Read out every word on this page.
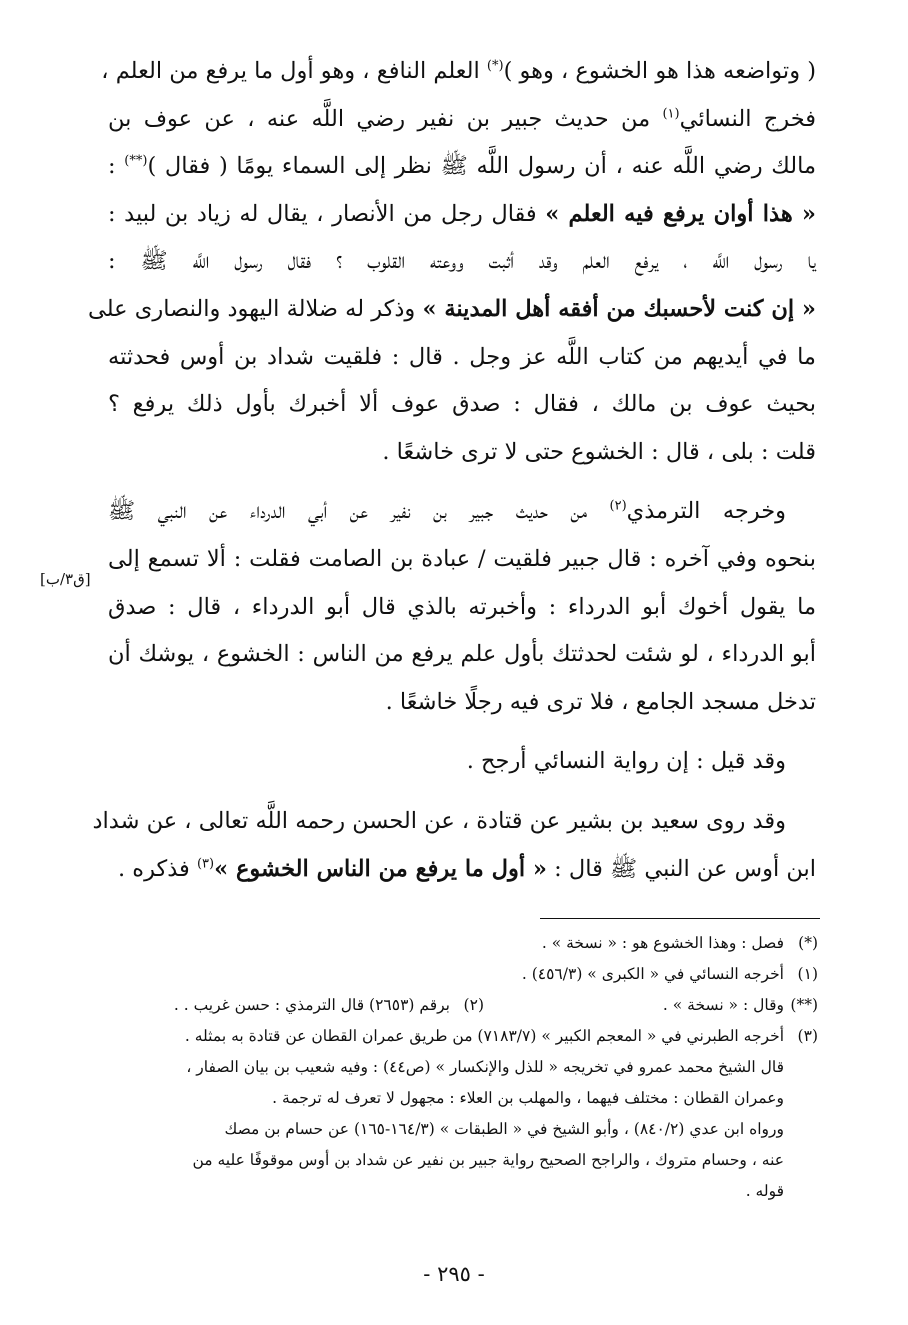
( وتواضعه هذا هو الخشوع ، وهو )(*) العلم النافع ، وهو أول ما يرفع من العلم ،
فخرج النسائي$^{(١)}$ من حديث جبير بن نفير رضي اللَّه عنه ، عن عوف بن
مالك رضي اللَّه عنه ، أن رسول اللَّه ﷺ نظر إلى السماء يومًا ( فقال )(**) :
« هذا أوان يرفع فيه العلم » فقال رجل من الأنصار ، يقال له زياد بن لبيد :
يا رسول اللَّه ، يرفع العلم وقد أثبت ووعته القلوب ؟ فقال رسول اللَّه ﷺ :
« إن كنت لأحسبك من أفقه أهل المدينة » وذكر له ضلالة اليهود والنصارى على
ما في أيديهم من كتاب اللَّه عز وجل . قال : فلقيت شداد بن أوس فحدثته
بحيث عوف بن مالك ، فقال : صدق عوف ألا أخبرك بأول ذلك يرفع ؟
قلت : بلى ، قال : الخشوع حتى لا ترى خاشعًا .

وخرجه الترمذي$^{(٢)}$ من حديث جبير بن نفير عن أبي الدرداء عن النبي ﷺ
بنحوه وفي آخره : قال جبير فلقيت / عبادة بن الصامت فقلت : ألا تسمع إلى
ما يقول أخوك أبو الدرداء : وأخبرته بالذي قال أبو الدرداء ، قال : صدق
أبو الدرداء ، لو شئت لحدثتك بأول علم يرفع من الناس : الخشوع ، يوشك أن
تدخل مسجد الجامع ، فلا ترى فيه رجلًا خاشعًا .

وقد قيل : إن رواية النسائي أرجح .

وقد روى سعيد بن بشير عن قتادة ، عن الحسن رحمه اللَّه تعالى ، عن شداد
ابن أوس عن النبي ﷺ قال : « أول ما يرفع من الناس الخشوع »$^{(٣)}$ فذكره .

[ق٣/ب]
(*)
فصل : وهذا الخشوع هو : « نسخة » .
(١)
أخرجه النسائي في « الكبرى » (٤٥٦/٣) .
(**)
وقال : « نسخة » .
(٢)
برقم (٢٦٥٣) قال الترمذي : حسن غريب . .
(٣)
أخرجه الطبرني في « المعجم الكبير » (٧١٨٣/٧) من طريق عمران القطان عن قتادة به بمثله .
قال الشيخ محمد عمرو في تخريجه « للذل والإنكسار » (ص٤٤) : وفيه شعيب بن بيان الصفار ،
وعمران القطان : مختلف فيهما ، والمهلب بن العلاء : مجهول لا تعرف له ترجمة .
ورواه ابن عدي (٨٤٠/٢) ، وأبو الشيخ في « الطبقات » (١٦٤/٣-١٦٥) عن حسام بن مصك
عنه ، وحسام متروك ، والراجح الصحيح رواية جبير بن نفير عن شداد بن أوس موقوفًا عليه من
قوله .
- ٢٩٥ -
